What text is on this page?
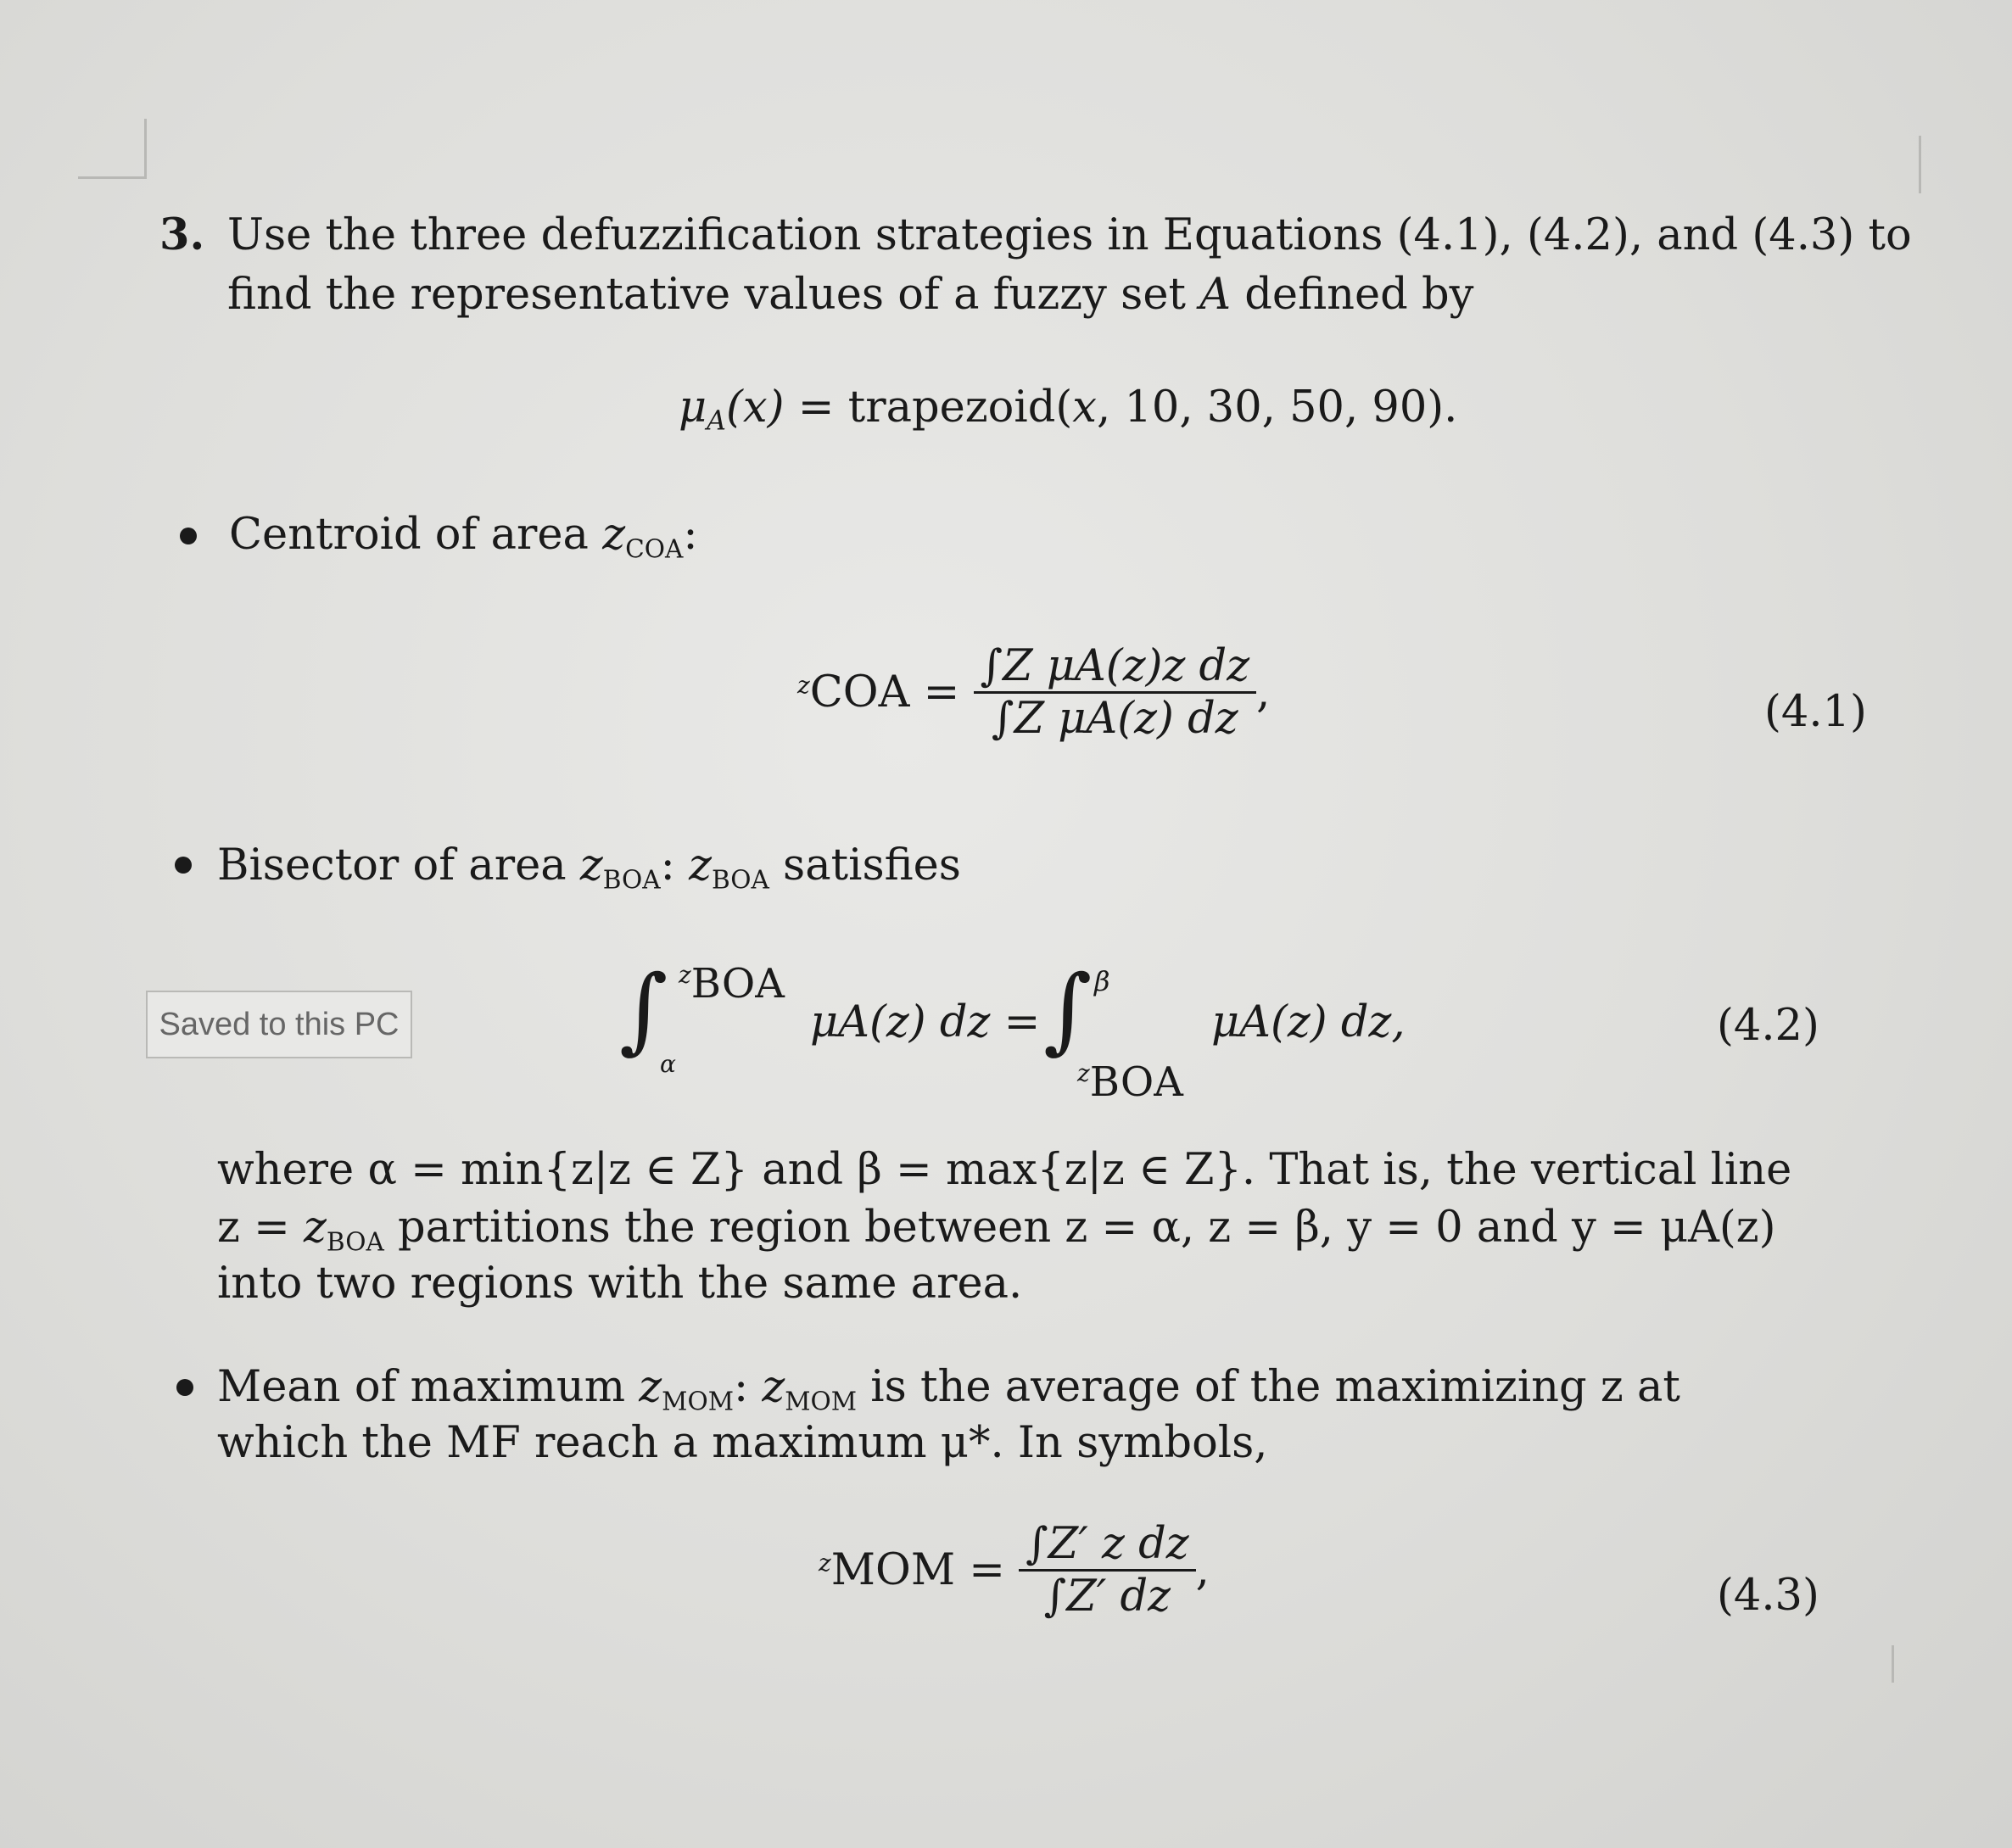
3. Use the three defuzzification strategies in Equations (4.1), (4.2), and (4.3) to
find the representative values of a fuzzy set A defined by
$\mu_A(x)$ = trapezoid(x, 10, 30, 50, 90).
Centroid of area $z_{COA}$:
$^zCOA = \frac{\text{∫Z μA(z)z dz}}{\text{∫Z μA(z) dz}}$ ,	(4.1)
Bisector of area $z_{BOA}$: $z_{BOA}$ satisfies
∫ $^z$BOA
α
μA(z) dz = ∫ β
$^z$BOA
μA(z) dz,	(4.2)
where α = min{z|z ∈ Z} and β = max{z|z ∈ Z}. That is, the vertical line
$z = z_{BOA}$ partitions the region between z = α, z = β, y = 0 and y = μA(z)
into two regions with the same area.
Mean of maximum $z_{MOM}$: $z_{MOM}$ is the average of the maximizing z at
which the MF reach a maximum μ*. In symbols,
$^zMOM = \frac{\text{∫Z′ z dz}}{\int Z' dz}$ ,
(4.3)
Saved to this PC
